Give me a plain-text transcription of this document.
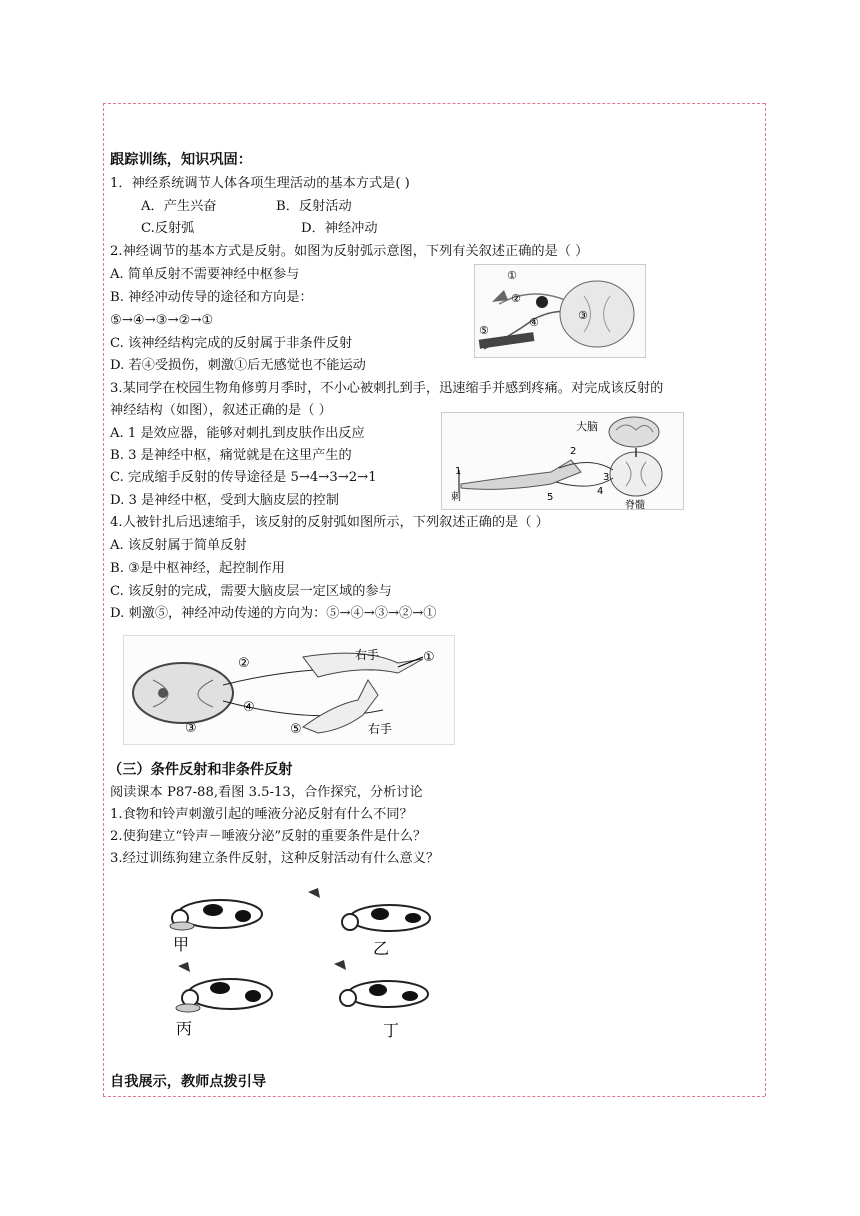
跟踪训练，知识巩固：
1．神经系统调节人体各项生理活动的基本方式是( )
A．产生兴奋	B．反射活动
C.反射弧	D．神经冲动
2.神经调节的基本方式是反射。如图为反射弧示意图，下列有关叙述正确的是（ ）
A. 简单反射不需要神经中枢参与
B. 神经冲动传导的途径和方向是：
⑤→④→③→②→①
C. 该神经结构完成的反射属于非条件反射
D. 若④受损伤，刺激①后无感觉也不能运动
①
②
③
④
⑤
3.某同学在校园生物角修剪月季时，不小心被刺扎到手，迅速缩手并感到疼痛。对完成该反射的
神经结构（如图），叙述正确的是（ ）
A. 1 是效应器，能够对刺扎到皮肤作出反应
B. 3 是神经中枢，痛觉就是在这里产生的
C. 完成缩手反射的传导途径是 5→4→3→2→1
D. 3 是神经中枢，受到大脑皮层的控制
大脑
脊髓
刺
1
2
3
4
5
4.人被针扎后迅速缩手，该反射的反射弧如图所示，下列叙述正确的是（ ）
A. 该反射属于简单反射
B. ③是中枢神经，起控制作用
C. 该反射的完成，需要大脑皮层一定区域的参与
D. 刺激⑤，神经冲动传递的方向为：⑤→④→③→②→①
右手
右手
①
②
③
④
⑤
（三）条件反射和非条件反射
阅读课本 P87-88,看图 3.5-13，合作探究，分析讨论
1.食物和铃声刺激引起的唾液分泌反射有什么不同？
2.使狗建立“铃声－唾液分泌”反射的重要条件是什么？
3.经过训练狗建立条件反射，这种反射活动有什么意义？
甲	乙
丙	丁
自我展示，教师点拨引导
